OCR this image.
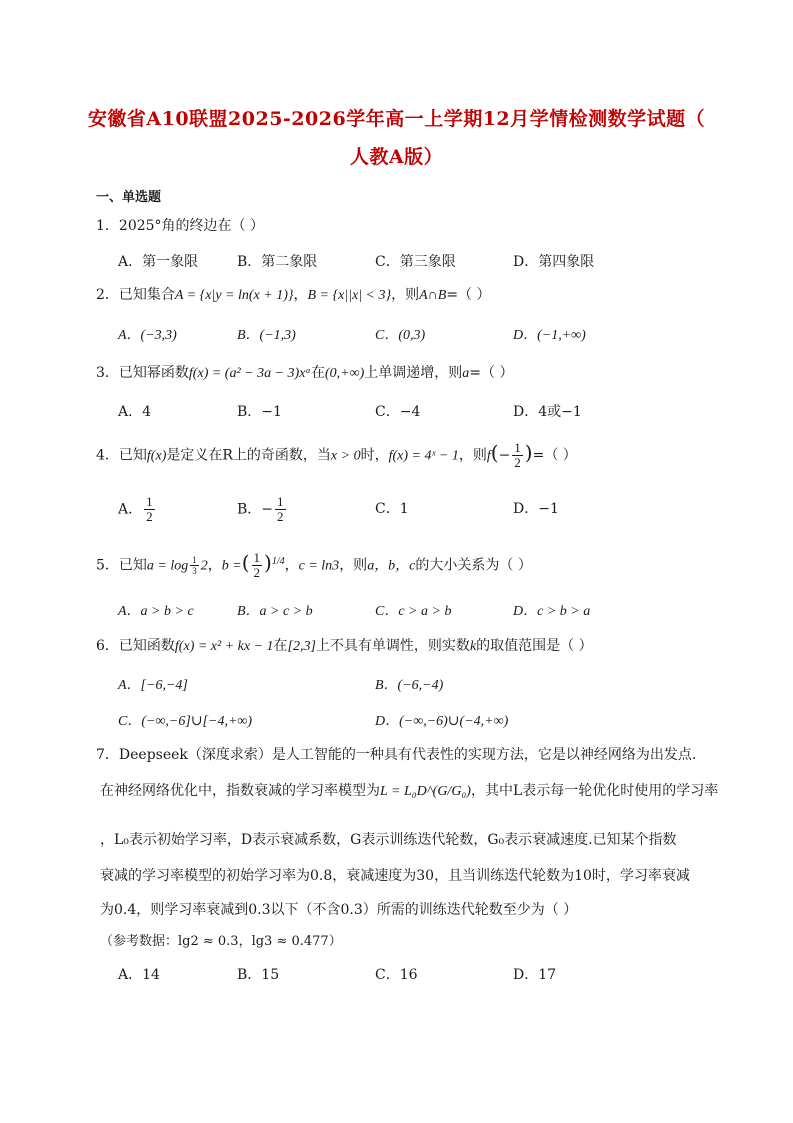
安徽省A10联盟2025-2026学年高一上学期12月学情检测数学试题（
人教A版）
一、单选题
1．2025°角的终边在（ ）
A．第一象限	B．第二象限	C．第三象限	D．第四象限
2．已知集合A = {x|y = ln(x + 1)}，B = {x||x| < 3}，则A∩B=（ ）
A．(−3,3)	B．(−1,3)	C．(0,3)	D．(−1,+∞)
3．已知幂函数f(x) = (a² − 3a − 3)xᵃ在(0,+∞)上单调递增，则a=（ ）
A．4	B．−1	C．−4	D．4或−1
4．已知f(x)是定义在R上的奇函数，当x > 0时，f(x) = 4ˣ − 1，则$f(- \frac{1}{2}$ )=（ ）
A． $\frac{1}{2}$	B．− $\frac{1}{2}$	C．1	D．−1
5．已知$a = \log \frac{1}{3} 2$，b =( $\frac{1}{2} )^{1/4}$，c = ln3，则a，b，c的大小关系为（ ）
A．a > b > c	B．a > c > b	C．c > a > b	D．c > b > a
6．已知函数f(x) = x² + kx − 1在[2,3]上不具有单调性，则实数k的取值范围是（ ）
A．[−6,−4]	B．(−6,−4)
C．(−∞,−6]∪[−4,+∞)	D．(−∞,−6)∪(−4,+∞)
7．Deepseek（深度求索）是人工智能的一种具有代表性的实现方法，它是以神经网络为出发点.
在神经网络优化中，指数衰减的学习率模型为L = L₀D^(G/G₀)，其中L表示每一轮优化时使用的学习率
，L₀表示初始学习率，D表示衰减系数，G表示训练迭代轮数，G₀表示衰减速度.已知某个指数
衰减的学习率模型的初始学习率为0.8，衰减速度为30，且当训练迭代轮数为10时，学习率衰减
为0.4，则学习率衰减到0.3以下（不含0.3）所需的训练迭代轮数至少为（ ）
（参考数据：lg2 ≈ 0.3，lg3 ≈ 0.477）
A．14	B．15	C．16	D．17
